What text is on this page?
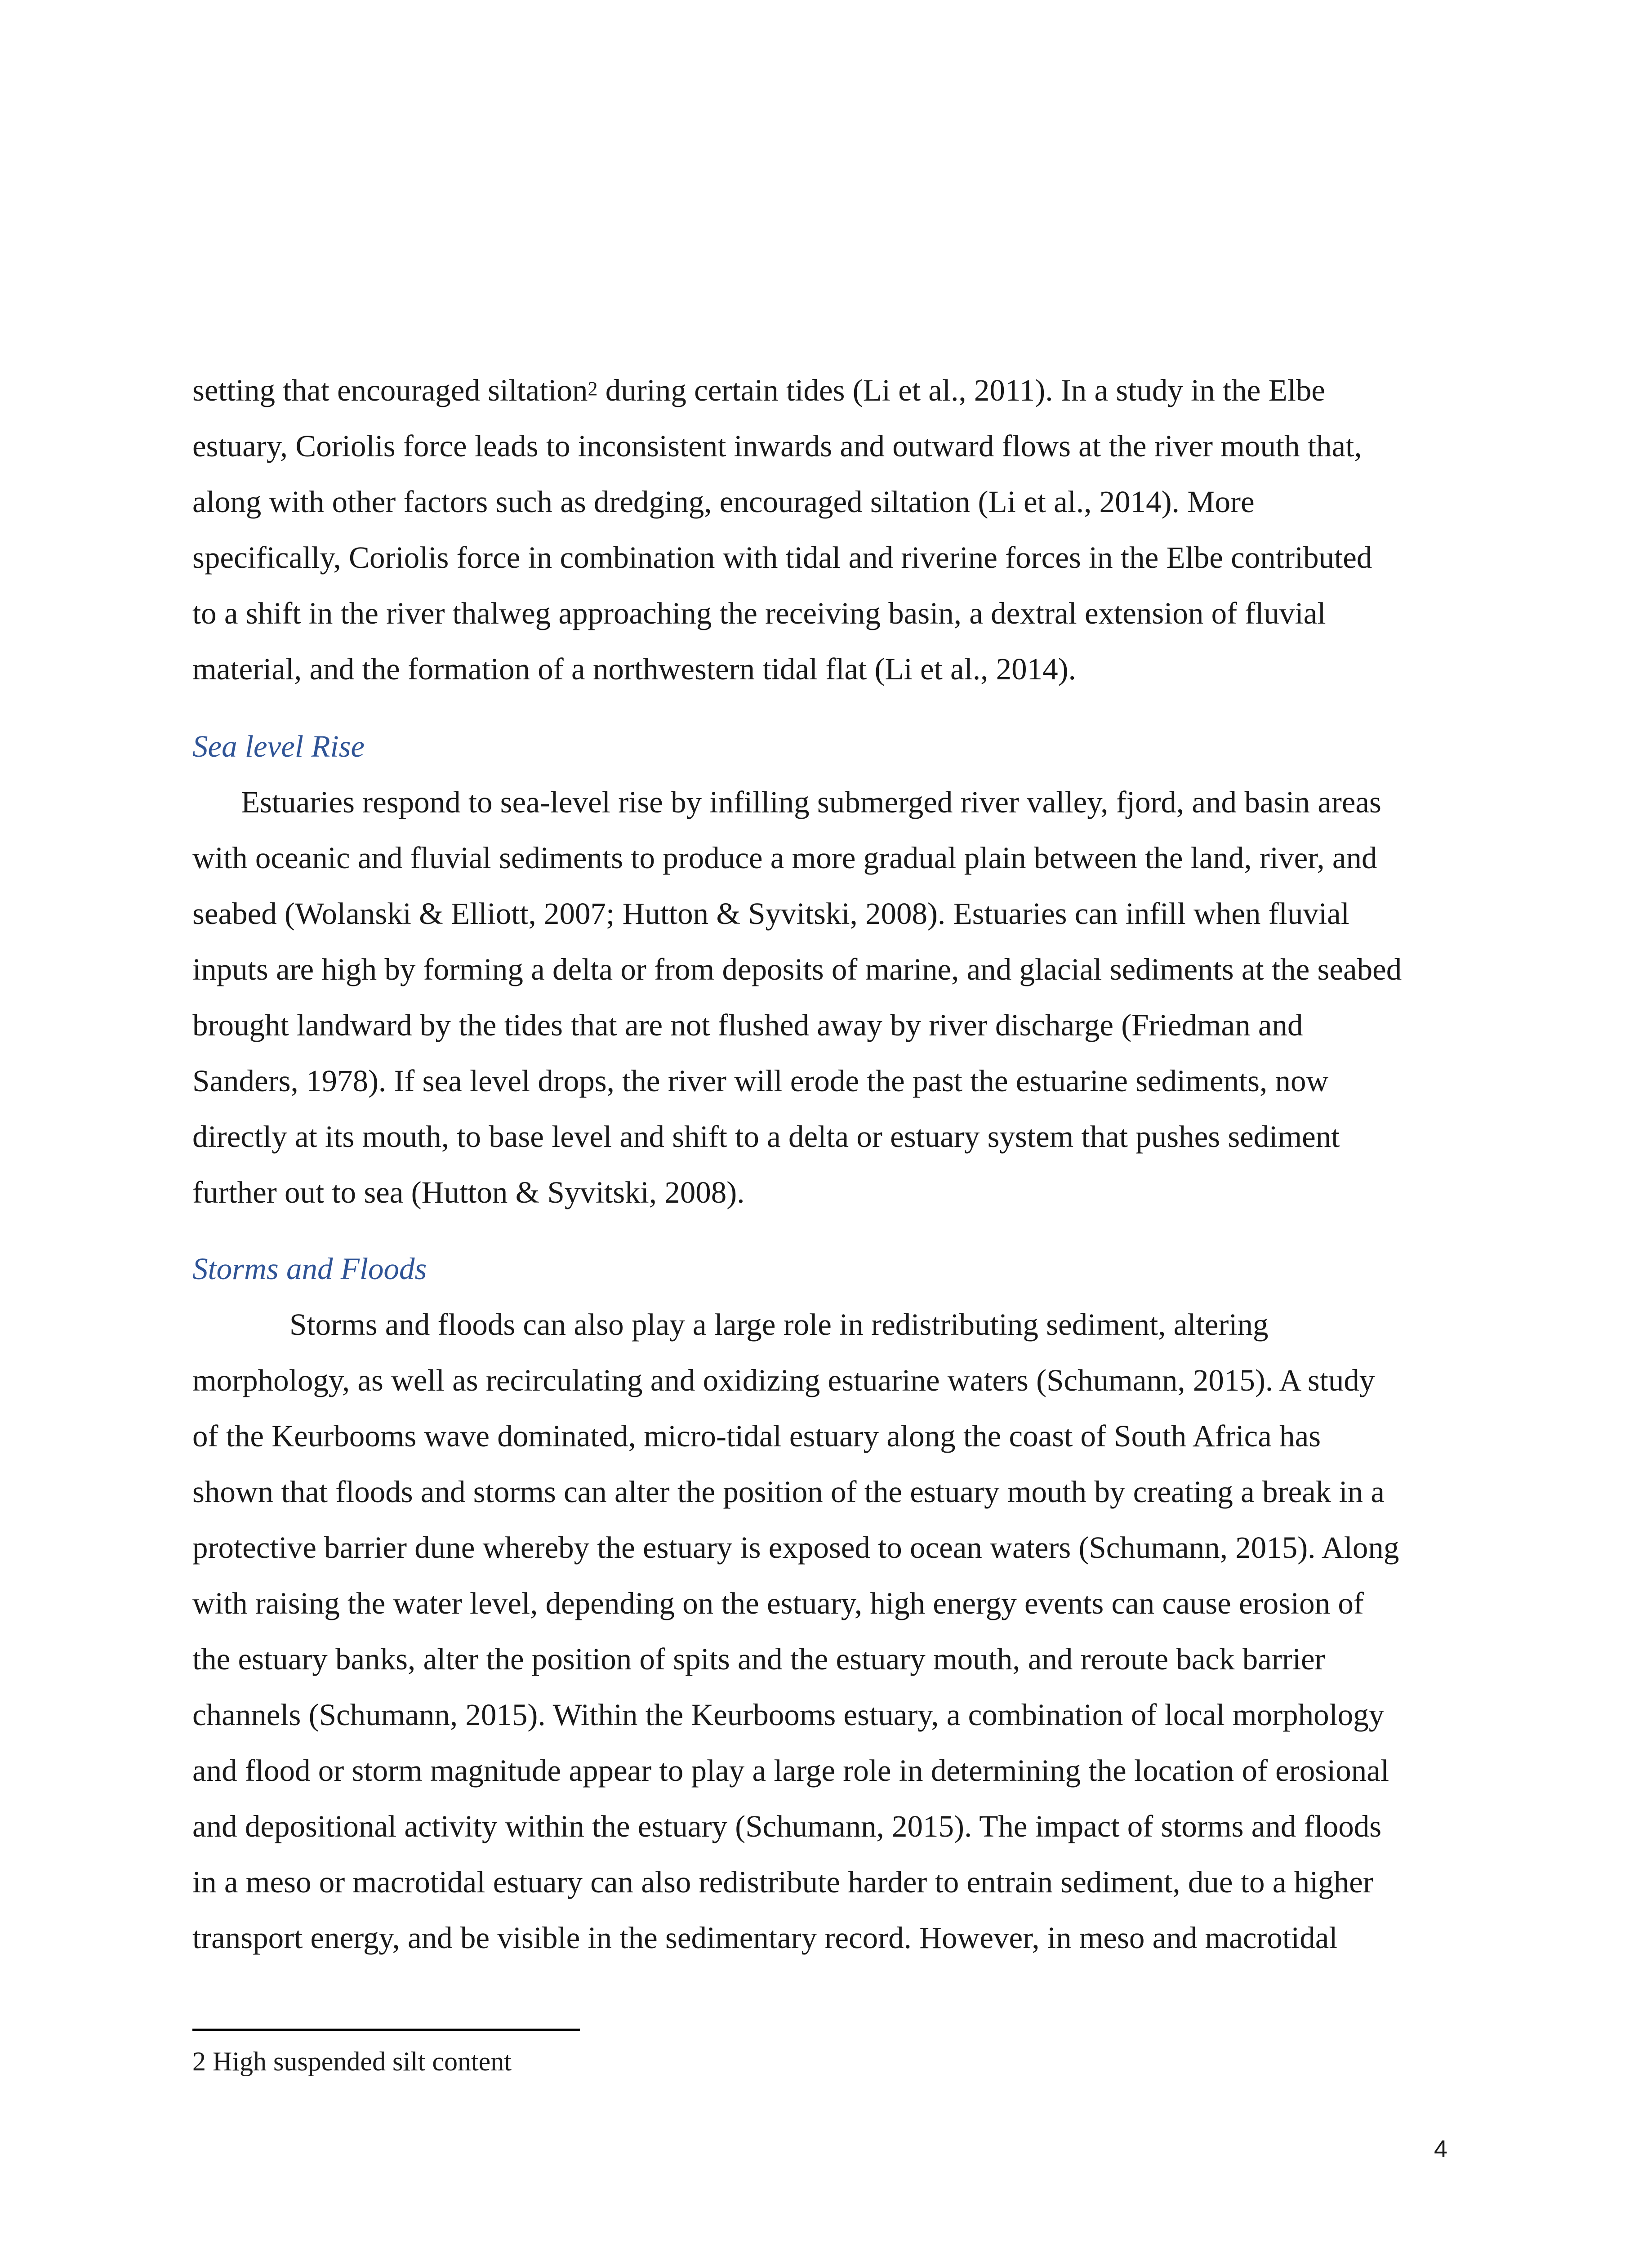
setting that encouraged siltation$^2$ during certain tides (Li et al., 2011). In a study in the Elbe
estuary, Coriolis force leads to inconsistent inwards and outward flows at the river mouth that,
along with other factors such as dredging, encouraged siltation (Li et al., 2014). More
specifically, Coriolis force in combination with tidal and riverine forces in the Elbe contributed
to a shift in the river thalweg approaching the receiving basin, a dextral extension of fluvial
material, and the formation of a northwestern tidal flat (Li et al., 2014).

Sea level Rise

Estuaries respond to sea-level rise by infilling submerged river valley, fjord, and basin areas
with oceanic and fluvial sediments to produce a more gradual plain between the land, river, and
seabed (Wolanski & Elliott, 2007; Hutton & Syvitski, 2008). Estuaries can infill when fluvial
inputs are high by forming a delta or from deposits of marine, and glacial sediments at the seabed
brought landward by the tides that are not flushed away by river discharge (Friedman and
Sanders, 1978). If sea level drops, the river will erode the past the estuarine sediments, now
directly at its mouth, to base level and shift to a delta or estuary system that pushes sediment
further out to sea (Hutton & Syvitski, 2008).

Storms and Floods

Storms and floods can also play a large role in redistributing sediment, altering
morphology, as well as recirculating and oxidizing estuarine waters (Schumann, 2015). A study
of the Keurbooms wave dominated, micro-tidal estuary along the coast of South Africa has
shown that floods and storms can alter the position of the estuary mouth by creating a break in a
protective barrier dune whereby the estuary is exposed to ocean waters (Schumann, 2015). Along
with raising the water level, depending on the estuary, high energy events can cause erosion of
the estuary banks, alter the position of spits and the estuary mouth, and reroute back barrier
channels (Schumann, 2015). Within the Keurbooms estuary, a combination of local morphology
and flood or storm magnitude appear to play a large role in determining the location of erosional
and depositional activity within the estuary (Schumann, 2015). The impact of storms and floods
in a meso or macrotidal estuary can also redistribute harder to entrain sediment, due to a higher
transport energy, and be visible in the sedimentary record. However, in meso and macrotidal

2 High suspended silt content

4
